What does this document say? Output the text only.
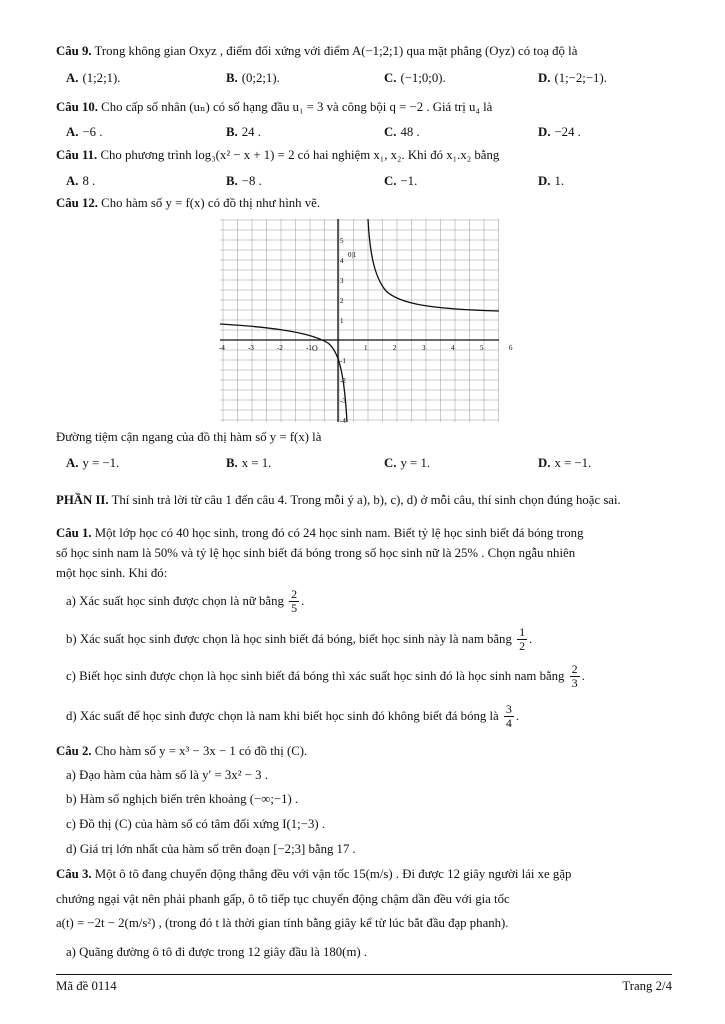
Câu 9. Trong không gian Oxyz , điểm đối xứng với điểm A(−1;2;1) qua mặt phẳng (Oyz) có toạ độ là
A. (1;2;1).	B. (0;2;1).	C. (−1;0;0).	D. (1;−2;−1).
Câu 10. Cho cấp số nhân (uₙ) có số hạng đầu u₁ = 3 và công bội q = −2 . Giá trị u₄ là
A. −6 .	B. 24 .	C. 48 .	D. −24 .
Câu 11. Cho phương trình log₃(x² − x + 1) = 2 có hai nghiệm x₁, x₂. Khi đó x₁.x₂ bằng
A. 8 .	B. −8 .	C. −1.	D. 1.
Câu 12. Cho hàm số y = f(x) có đồ thị như hình vẽ.
-4	-3	-2	-1	1	2	3	4	5	6
5
4
3
2
1
-1
-2
-3
-4
O
0|1
Đường tiệm cận ngang của đồ thị hàm số y = f(x) là
A. y = −1.	B. x = 1.	C. y = 1.	D. x = −1.
PHẦN II. Thí sinh trả lời từ câu 1 đến câu 4. Trong mỗi ý a), b), c), d) ở mỗi câu, thí sinh chọn đúng hoặc sai.
Câu 1. Một lớp học có 40 học sinh, trong đó có 24 học sinh nam. Biết tỷ lệ học sinh biết đá bóng trong
số học sinh nam là 50% và tỷ lệ học sinh biết đá bóng trong số học sinh nữ là 25% . Chọn ngẫu nhiên
một học sinh. Khi đó:
a) Xác suất học sinh được chọn là nữ bằng $\frac{2}{5}$ .
b) Xác suất học sinh được chọn là học sinh biết đá bóng, biết học sinh này là nam bằng $\frac{1}{2}$ .
c) Biết học sinh được chọn là học sinh biết đá bóng thì xác suất học sinh đó là học sinh nam bằng $\frac{2}{3}$ .
d) Xác suất để học sinh được chọn là nam khi biết học sinh đó không biết đá bóng là $\frac{3}{4}$ .
Câu 2. Cho hàm số y = x³ − 3x − 1 có đồ thị (C).
a) Đạo hàm của hàm số là y′ = 3x² − 3 .
b) Hàm số nghịch biến trên khoảng (−∞;−1) .
c) Đồ thị (C) của hàm số có tâm đối xứng I(1;−3) .
d) Giá trị lớn nhất của hàm số trên đoạn [−2;3] bằng 17 .
Câu 3. Một ô tô đang chuyển động thẳng đều với vận tốc 15(m/s) . Đi được 12 giây người lái xe gặp
chướng ngại vật nên phải phanh gấp, ô tô tiếp tục chuyển động chậm dần đều với gia tốc
a(t) = −2t − 2(m/s²) , (trong đó t là thời gian tính bằng giây kể từ lúc bắt đầu đạp phanh).
a) Quãng đường ô tô đi được trong 12 giây đầu là 180(m) .
Mã đề 0114	Trang 2/4
